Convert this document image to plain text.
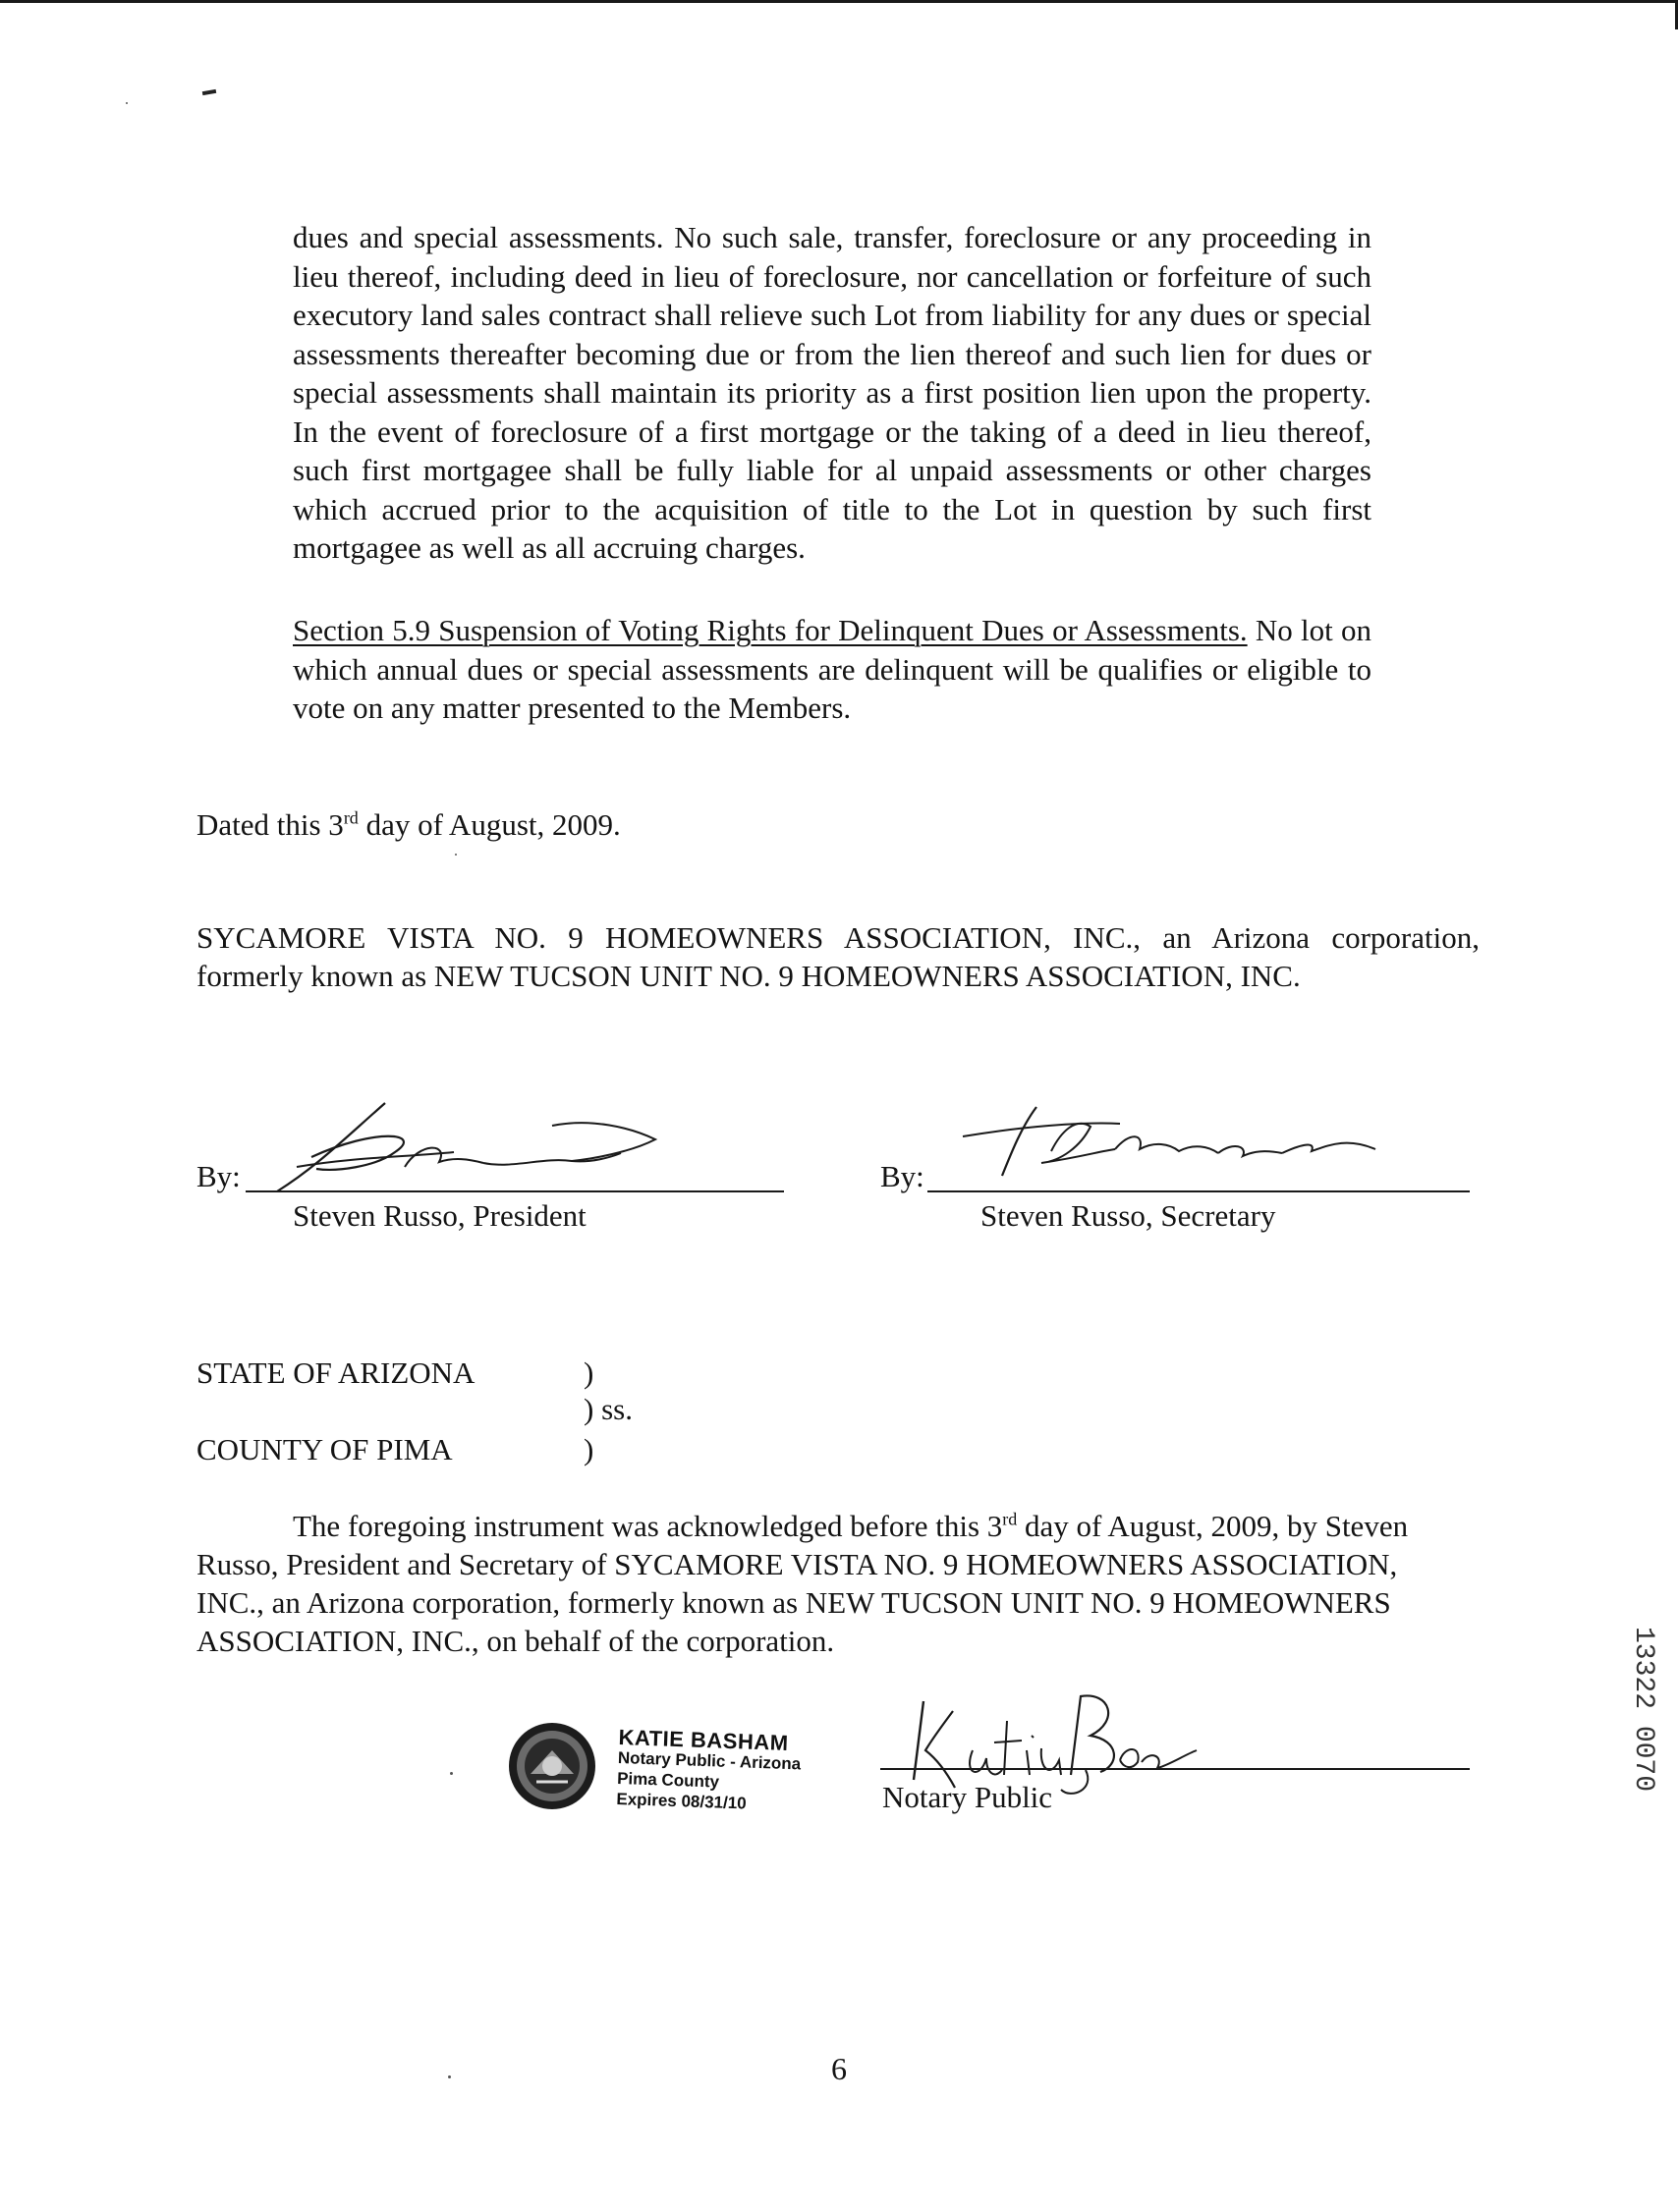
dues and special assessments. No such sale, transfer, foreclosure or any proceeding in lieu thereof, including deed in lieu of foreclosure, nor cancellation or forfeiture of such executory land sales contract shall relieve such Lot from liability for any dues or special assessments thereafter becoming due or from the lien thereof and such lien for dues or special assessments shall maintain its priority as a first position lien upon the property. In the event of foreclosure of a first mortgage or the taking of a deed in lieu thereof, such first mortgagee shall be fully liable for al unpaid assessments or other charges which accrued prior to the acquisition of title to the Lot in question by such first mortgagee as well as all accruing charges.

Section 5.9 Suspension of Voting Rights for Delinquent Dues or Assessments. No lot on which annual dues or special assessments are delinquent will be qualifies or eligible to vote on any matter presented to the Members.

Dated this 3rd day of August, 2009.

SYCAMORE VISTA NO. 9 HOMEOWNERS ASSOCIATION, INC., an Arizona corporation,

formerly known as NEW TUCSON UNIT NO. 9 HOMEOWNERS ASSOCIATION, INC.

By:

Steven Russo, President

By:

Steven Russo, Secretary

STATE OF ARIZONA	)

) ss.

COUNTY OF PIMA	)

The foregoing instrument was acknowledged before this 3rd day of August, 2009, by Steven

Russo, President and Secretary of SYCAMORE VISTA NO. 9 HOMEOWNERS ASSOCIATION,

INC., an Arizona corporation, formerly known as NEW TUCSON UNIT NO. 9 HOMEOWNERS

ASSOCIATION, INC., on behalf of the corporation.

KATIE BASHAM
Notary Public - Arizona
Pima County
Expires 08/31/10	Notary Public

13322 0070
6
